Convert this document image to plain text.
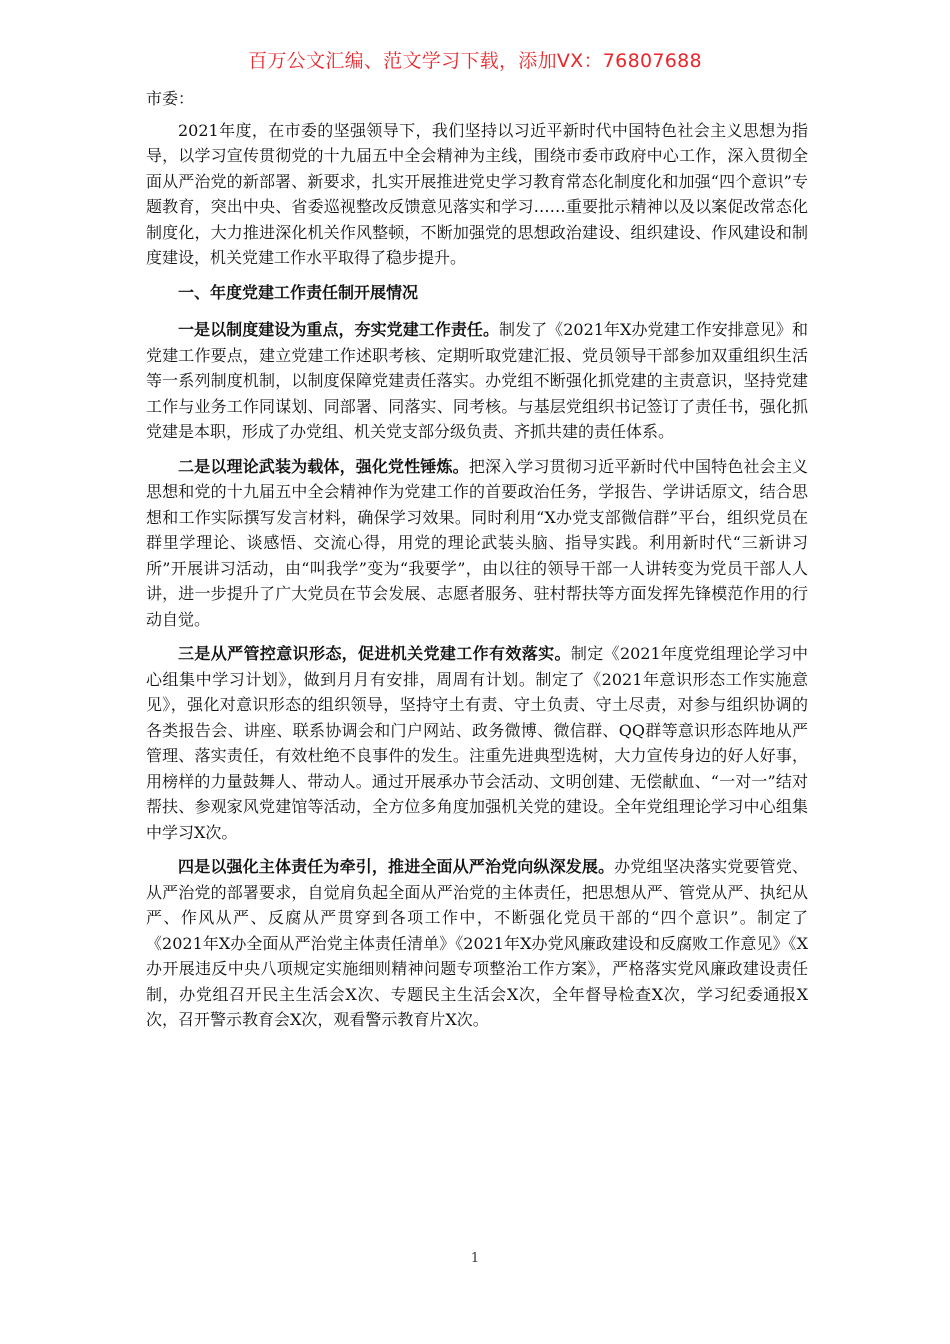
百万公文汇编、范文学习下载，添加VX：76807688

市委：

2021年度，在市委的坚强领导下，我们坚持以习近平新时代中国特色社会主义思想为指导，以学习宣传贯彻党的十九届五中全会精神为主线，围绕市委市政府中心工作，深入贯彻全面从严治党的新部署、新要求，扎实开展推进党史学习教育常态化制度化和加强“四个意识”专题教育，突出中央、省委巡视整改反馈意见落实和学习……重要批示精神以及以案促改常态化制度化，大力推进深化机关作风整顿，不断加强党的思想政治建设、组织建设、作风建设和制度建设，机关党建工作水平取得了稳步提升。

一、年度党建工作责任制开展情况

一是以制度建设为重点，夯实党建工作责任。制发了《2021年X办党建工作安排意见》和党建工作要点，建立党建工作述职考核、定期听取党建汇报、党员领导干部参加双重组织生活等一系列制度机制，以制度保障党建责任落实。办党组不断强化抓党建的主责意识，坚持党建工作与业务工作同谋划、同部署、同落实、同考核。与基层党组织书记签订了责任书，强化抓党建是本职，形成了办党组、机关党支部分级负责、齐抓共建的责任体系。

二是以理论武装为载体，强化党性锤炼。把深入学习贯彻习近平新时代中国特色社会主义思想和党的十九届五中全会精神作为党建工作的首要政治任务，学报告、学讲话原文，结合思想和工作实际撰写发言材料，确保学习效果。同时利用“X办党支部微信群”平台，组织党员在群里学理论、谈感悟、交流心得，用党的理论武装头脑、指导实践。利用新时代“三新讲习所”开展讲习活动，由“叫我学”变为“我要学”，由以往的领导干部一人讲转变为党员干部人人讲，进一步提升了广大党员在节会发展、志愿者服务、驻村帮扶等方面发挥先锋模范作用的行动自觉。

三是从严管控意识形态，促进机关党建工作有效落实。制定《2021年度党组理论学习中心组集中学习计划》，做到月月有安排，周周有计划。制定了《2021年意识形态工作实施意见》，强化对意识形态的组织领导，坚持守土有责、守土负责、守土尽责，对参与组织协调的各类报告会、讲座、联系协调会和门户网站、政务微博、微信群、QQ群等意识形态阵地从严管理、落实责任，有效杜绝不良事件的发生。注重先进典型选树，大力宣传身边的好人好事，用榜样的力量鼓舞人、带动人。通过开展承办节会活动、文明创建、无偿献血、“一对一”结对帮扶、参观家风党建馆等活动，全方位多角度加强机关党的建设。全年党组理论学习中心组集中学习X次。

四是以强化主体责任为牵引，推进全面从严治党向纵深发展。办党组坚决落实党要管党、从严治党的部署要求，自觉肩负起全面从严治党的主体责任，把思想从严、管党从严、执纪从严、作风从严、反腐从严贯穿到各项工作中，不断强化党员干部的“四个意识”。制定了《2021年X办全面从严治党主体责任清单》《2021年X办党风廉政建设和反腐败工作意见》《X办开展违反中央八项规定实施细则精神问题专项整治工作方案》，严格落实党风廉政建设责任制，办党组召开民主生活会X次、专题民主生活会X次，全年督导检查X次，学习纪委通报X次，召开警示教育会X次，观看警示教育片X次。

1
